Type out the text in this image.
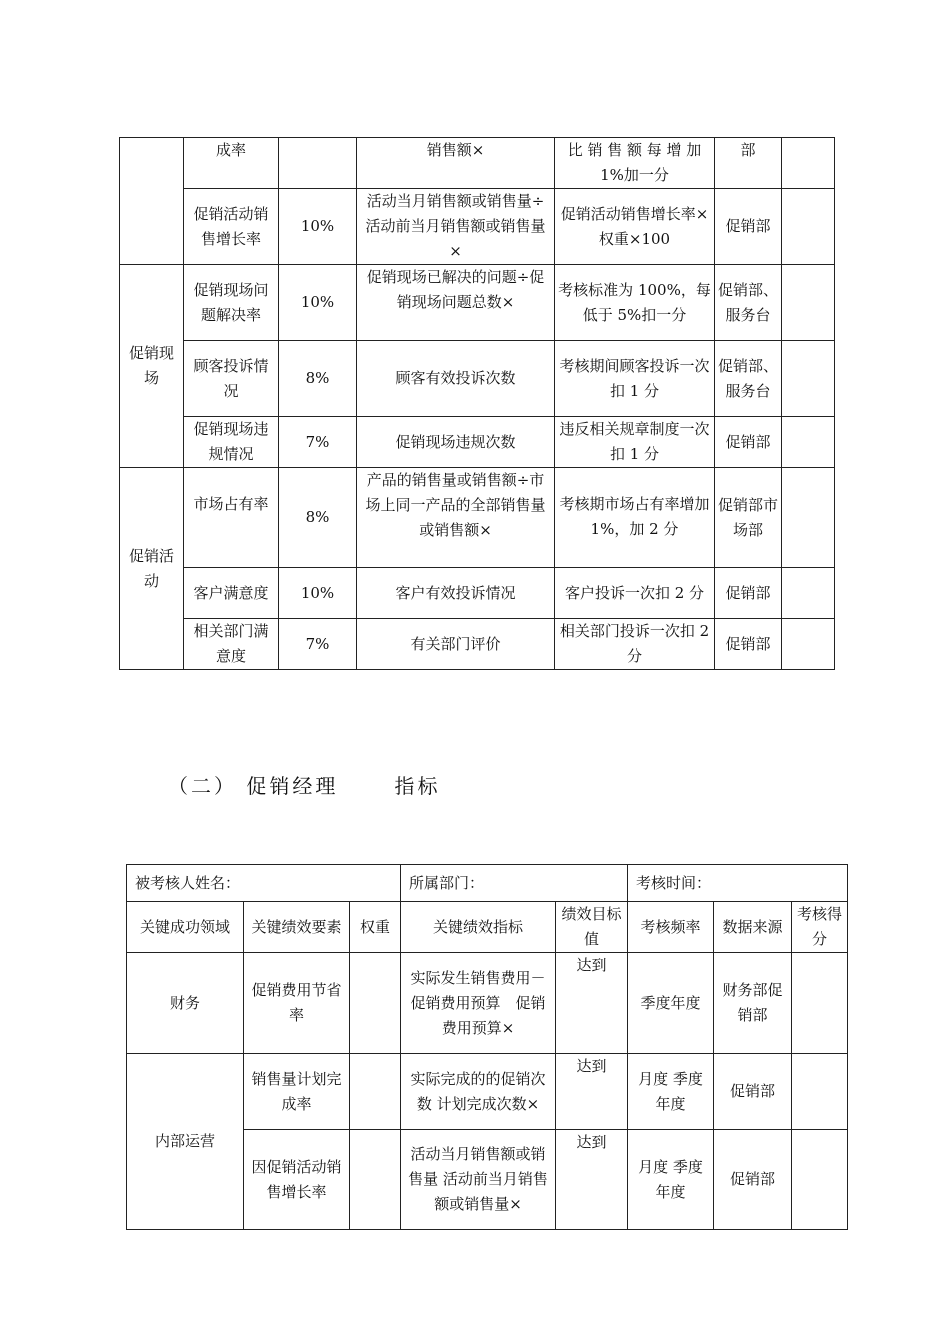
	成率		销售额×	比 销 售 额 每 增 加1%加一分	部	
	促销活动销售增长率	10%	活动当月销售额或销售量÷活动前当月销售额或销售量×	促销活动销售增长率×权重×100	促销部	
促销现场	促销现场问题解决率	10%	促销现场已解决的问题÷促销现场问题总数×	考核标准为 100%，每低于 5%扣一分	促销部、服务台	
	顾客投诉情况	8%	顾客有效投诉次数	考核期间顾客投诉一次扣 1 分	促销部、服务台	
	促销现场违规情况	7%	促销现场违规次数	违反相关规章制度一次扣 1 分	促销部	
促销活动	市场占有率	8%	产品的销售量或销售额÷市场上同一产品的全部销售量或销售额×	考核期市场占有率增加 1%，加 2 分	促销部市场部	
	客户满意度	10%	客户有效投诉情况	客户投诉一次扣 2 分	促销部	
	相关部门满意度	7%	有关部门评价	相关部门投诉一次扣 2 分	促销部	
（二） 促销经理      指标
被考核人姓名：			所属部门：		考核时间：		
关键成功领域	关键绩效要素	权重	关键绩效指标	绩效目标值	考核频率	数据来源	考核得分
财务	促销费用节省率		实际发生销售费用－促销费用预算　促销费用预算×	达到	季度年度	财务部促销部	
内部运营	销售量计划完成率		实际完成的的促销次数 计划完成次数×	达到	月度 季度 年度	促销部	
	因促销活动销售增长率		活动当月销售额或销售量 活动前当月销售额或销售量×	达到	月度 季度 年度	促销部	
